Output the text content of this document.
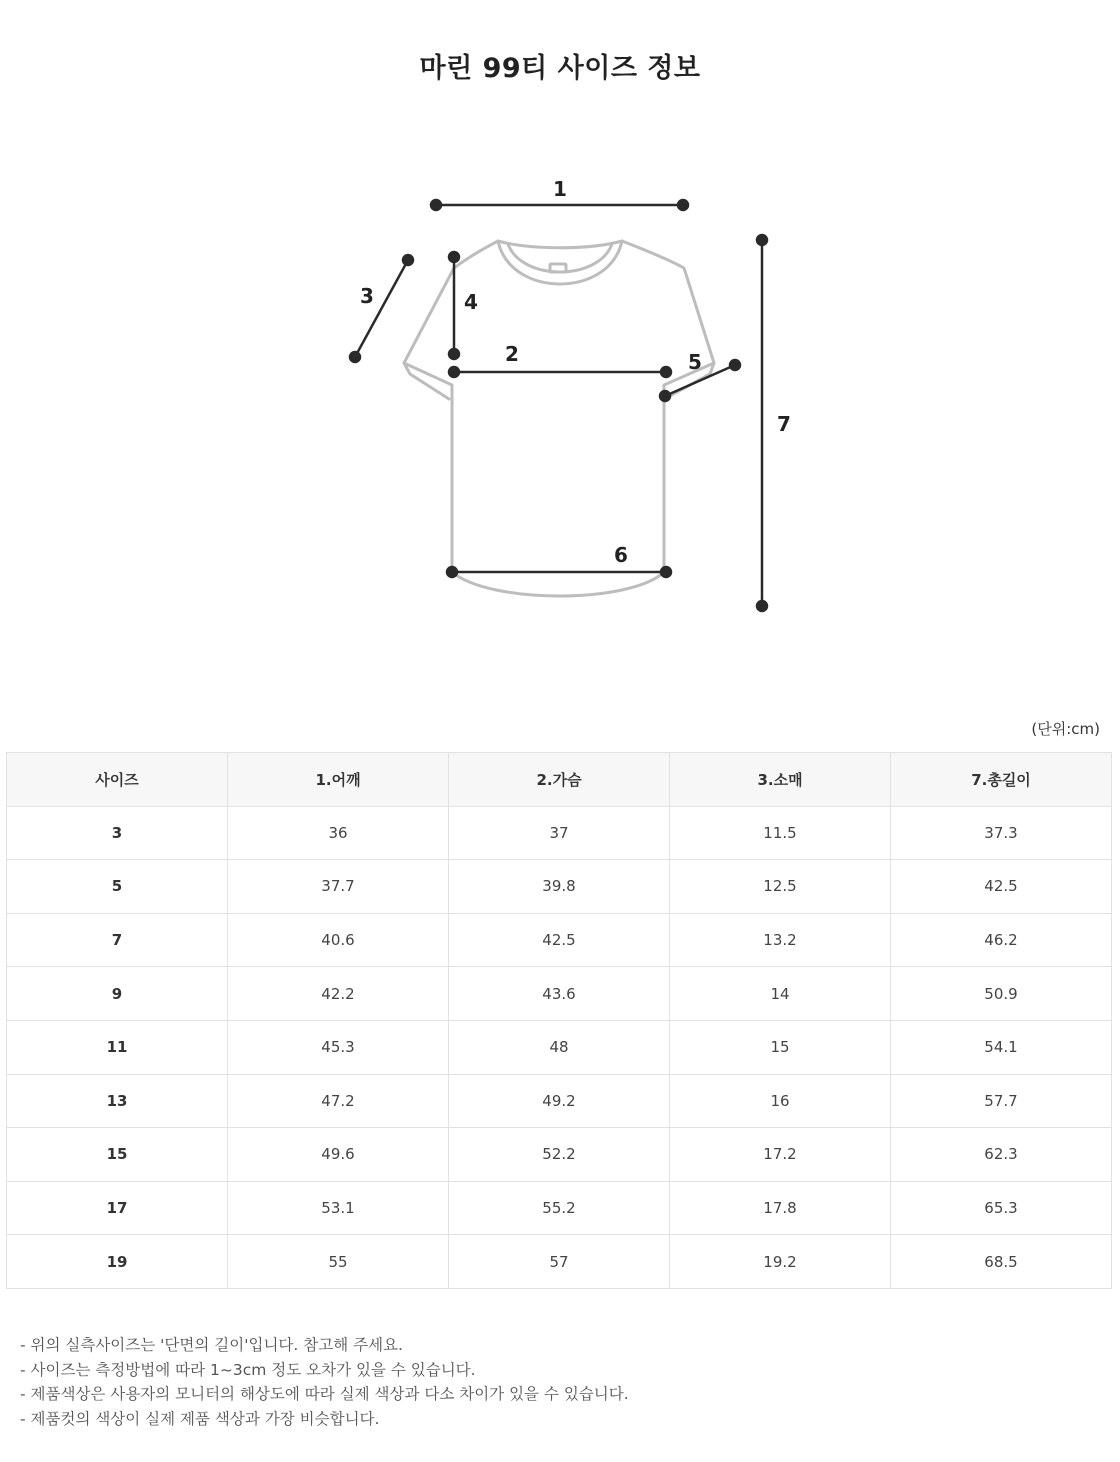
마린 99티 사이즈 정보
1
2
3	4
5
6
7
(단위:cm)
사이즈	1.어깨	2.가슴	3.소매	7.총길이
3	36	37	11.5	37.3
5	37.7	39.8	12.5	42.5
7	40.6	42.5	13.2	46.2
9	42.2	43.6	14	50.9
11	45.3	48	15	54.1
13	47.2	49.2	16	57.7
15	49.6	52.2	17.2	62.3
17	53.1	55.2	17.8	65.3
19	55	57	19.2	68.5
- 위의 실측사이즈는 '단면의 길이'입니다. 참고해 주세요.
- 사이즈는 측정방법에 따라 1~3cm 정도 오차가 있을 수 있습니다.
- 제품색상은 사용자의 모니터의 해상도에 따라 실제 색상과 다소 차이가 있을 수 있습니다.
- 제품컷의 색상이 실제 제품 색상과 가장 비슷합니다.
